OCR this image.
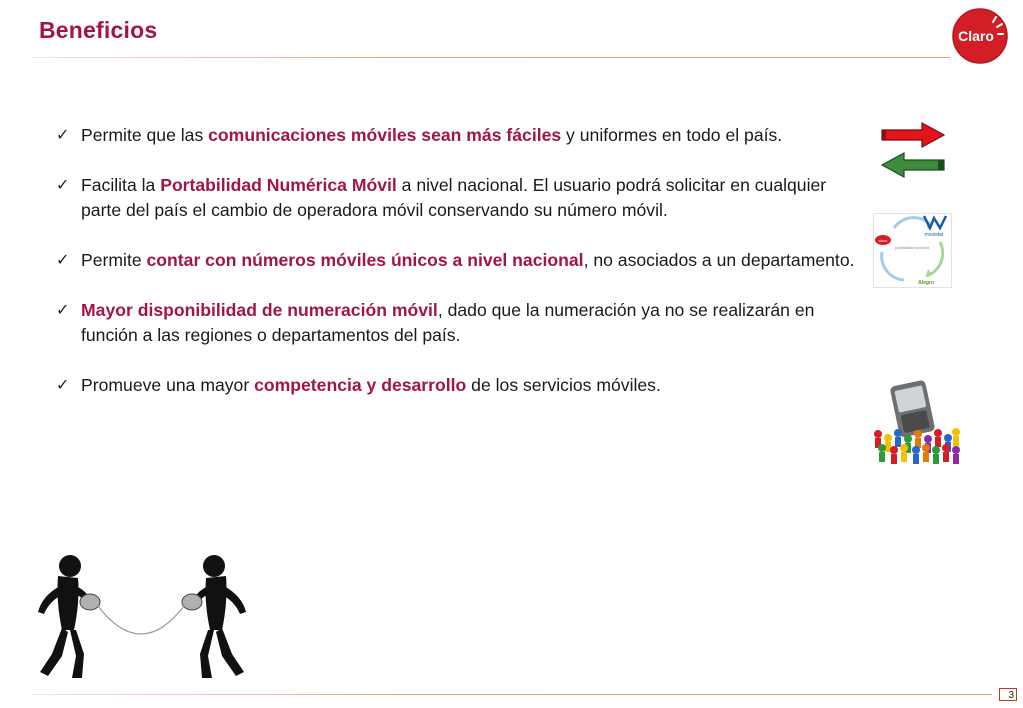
Beneficios	Claro
✓ Permite que las comunicaciones móviles sean más fáciles y uniformes en todo el país.
✓ Facilita la Portabilidad Numérica Móvil a nivel nacional. El usuario podrá solicitar en cualquier parte del país el cambio de operadora móvil conservando su número móvil.
✓ Permite contar con números móviles únicos a nivel nacional, no asociados a un departamento.
✓ Mayor disponibilidad de numeración móvil, dado que la numeración ya no se realizarán en función a las regiones o departamentos del país.
✓ Promueve una mayor competencia y desarrollo de los servicios móviles.
movistar
claro
portabilidad numerica
Alegro
3
